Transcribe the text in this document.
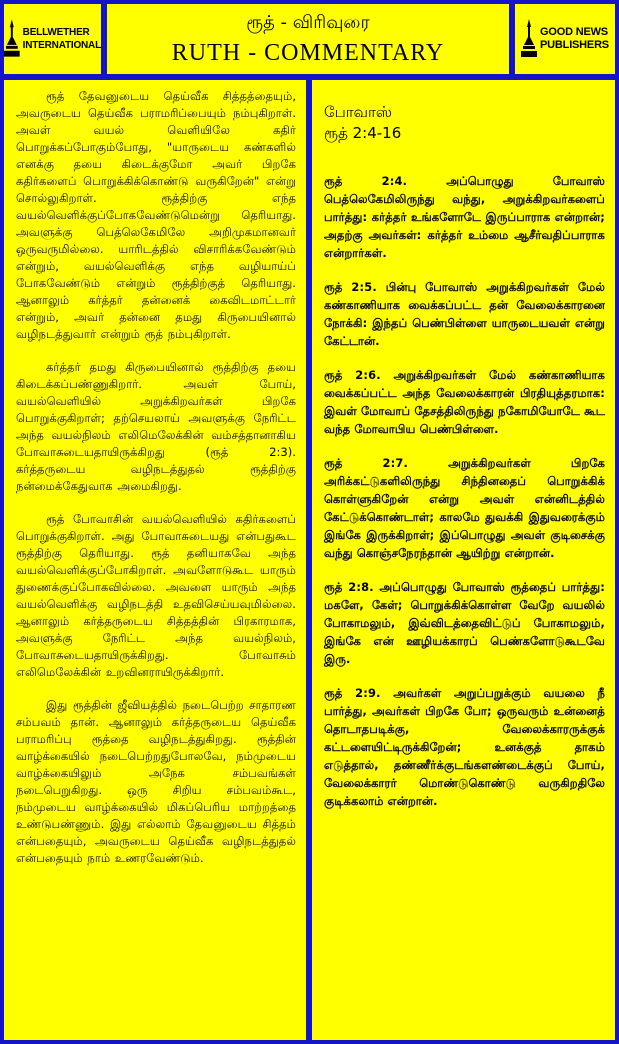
BELLWETHER
INTERNATIONAL
ரூத் - விரிவுரை
RUTH - COMMENTARY
GOOD NEWS
PUBLISHERS

ரூத் தேவனுடைய தெய்வீக சித்தத்தையும், அவருடைய தெய்வீக பராமரிப்பையும் நம்புகிறாள். அவள் வயல் வெளியிலே கதிர் பொறுக்கப்போகும்போது, "யாருடைய கண்களில் எனக்கு தயை கிடைக்குமோ அவர் பிறகே கதிர்களைப் பொறுக்கிக்கொண்டு வருகிறேன்" என்று சொல்லுகிறாள். ரூத்திற்கு எந்த வயல்வெளிக்குப்போகவேண்டுமென்று தெரியாது. அவளுக்கு பெத்லெகேமிலே அறிமுகமானவர் ஒருவருமில்லை. யாரிடத்தில் விசாரிக்கவேண்டும் என்றும், வயல்வெளிக்கு எந்த வழியாய்ப் போகவேண்டும் என்றும் ரூத்திற்குத் தெரியாது. ஆனாலும் கர்த்தர் தன்னைக் கைவிடமாட்டார் என்றும், அவர் தன்னை தமது கிருபையினால் வழிநடத்துவார் என்றும் ரூத் நம்புகிறாள்.

கர்த்தர் தமது கிருபையினால் ரூத்திற்கு தயை கிடைக்கப்பண்ணுகிறார். அவள் போய், வயல்வெளியில் அறுக்கிறவர்கள் பிறகே பொறுக்குகிறாள்; தற்செயலாய் அவளுக்கு நேரிட்ட அந்த வயல்நிலம் எலிமெலேக்கின் வம்சத்தானாகிய போவாசுடையதாயிருக்கிறது (ரூத் 2:3). கர்த்தருடைய வழிநடத்துதல் ரூத்திற்கு நன்மைக்கேதுவாக அமைகிறது.

ரூத் போவாசின் வயல்வெளியில் கதிர்களைப் பொறுக்குகிறாள். அது போவாசுடையது என்பதுகூட ரூத்திற்கு தெரியாது. ரூத் தனியாகவே அந்த வயல்வெளிக்குப்போகிறாள். அவளோடுகூட யாரும் துணைக்குப்போகவில்லை. அவளை யாரும் அந்த வயல்வெளிக்கு வழிநடத்தி உதவிசெய்யவுமில்லை. ஆனாலும் கர்த்தருடைய சித்தத்தின் பிரகாரமாக, அவளுக்கு நேரிட்ட அந்த வயல்நிலம், போவாசுடையதாயிருக்கிறது. போவாசும் எலிமெலேக்கின் உறவினராயிருக்கிறார்.

இது ரூத்தின் ஜீவியத்தில் நடைபெற்ற சாதாரண சம்பவம் தான். ஆனாலும் கர்த்தருடைய தெய்வீக பராமரிப்பு ரூத்தை வழிநடத்துகிறது. ரூத்தின் வாழ்க்கையில் நடைபெற்றதுபோலவே, நம்முடைய வாழ்க்கையிலும் அநேக சம்பவங்கள் நடைபெறுகிறது. ஒரு சிறிய சம்பவம்கூட, நம்முடைய வாழ்க்கையில் மிகப்பெரிய மாற்றத்தை உண்டுபண்ணும். இது எல்லாம் தேவனுடைய சித்தம் என்பதையும், அவருடைய தெய்வீக வழிநடத்துதல் என்பதையும் நாம் உணரவேண்டும்.

போவாஸ்
ரூத் 2:4-16

ரூத் 2:4. அப்பொழுது போவாஸ் பெத்லெகேமிலிருந்து வந்து, அறுக்கிறவர்களைப் பார்த்து: கர்த்தர் உங்களோடே இருப்பாராக என்றான்; அதற்கு அவர்கள்: கர்த்தர் உம்மை ஆசீர்வதிப்பாராக என்றார்கள்.

ரூத் 2:5. பின்பு போவாஸ் அறுக்கிறவர்கள் மேல் கண்காணியாக வைக்கப்பட்ட தன் வேலைக்காரனை நோக்கி: இந்தப் பெண்பிள்ளை யாருடையவள் என்று கேட்டான்.

ரூத் 2:6. அறுக்கிறவர்கள் மேல் கண்காணியாக வைக்கப்பட்ட அந்த வேலைக்காரன் பிரதியுத்தரமாக: இவள் மோவாப் தேசத்திலிருந்து நகோமியோடே கூட வந்த மோவாபிய பெண்பிள்ளை.

ரூத் 2:7. அறுக்கிறவர்கள் பிறகே அரிக்கட்டுகளிலிருந்து சிந்தினதைப் பொறுக்கிக் கொள்ளுகிறேன் என்று அவள் என்னிடத்தில் கேட்டுக்கொண்டாள்; காலமே துவக்கி இதுவரைக்கும் இங்கே இருக்கிறாள்; இப்பொழுது அவள் குடிசைக்கு வந்து கொஞ்சநேரந்தான் ஆயிற்று என்றான்.

ரூத் 2:8. அப்பொழுது போவாஸ் ரூத்தைப் பார்த்து: மகளே, கேள்; பொறுக்கிக்கொள்ள வேறே வயலில் போகாமலும், இவ்விடத்தைவிட்டுப் போகாமலும், இங்கே என் ஊழியக்காரப் பெண்களோடுகூடவே இரு.

ரூத் 2:9. அவர்கள் அறுப்பறுக்கும் வயலை நீ பார்த்து, அவர்கள் பிறகே போ; ஒருவரும் உன்னைத் தொடாதபடிக்கு, வேலைக்காரருக்குக் கட்டளையிட்டிருக்கிறேன்; உனக்குத் தாகம் எடுத்தால், தண்ணீர்க்குடங்களண்டைக்குப் போய், வேலைக்காரர் மொண்டுகொண்டு வருகிறதிலே குடிக்கலாம் என்றான்.
